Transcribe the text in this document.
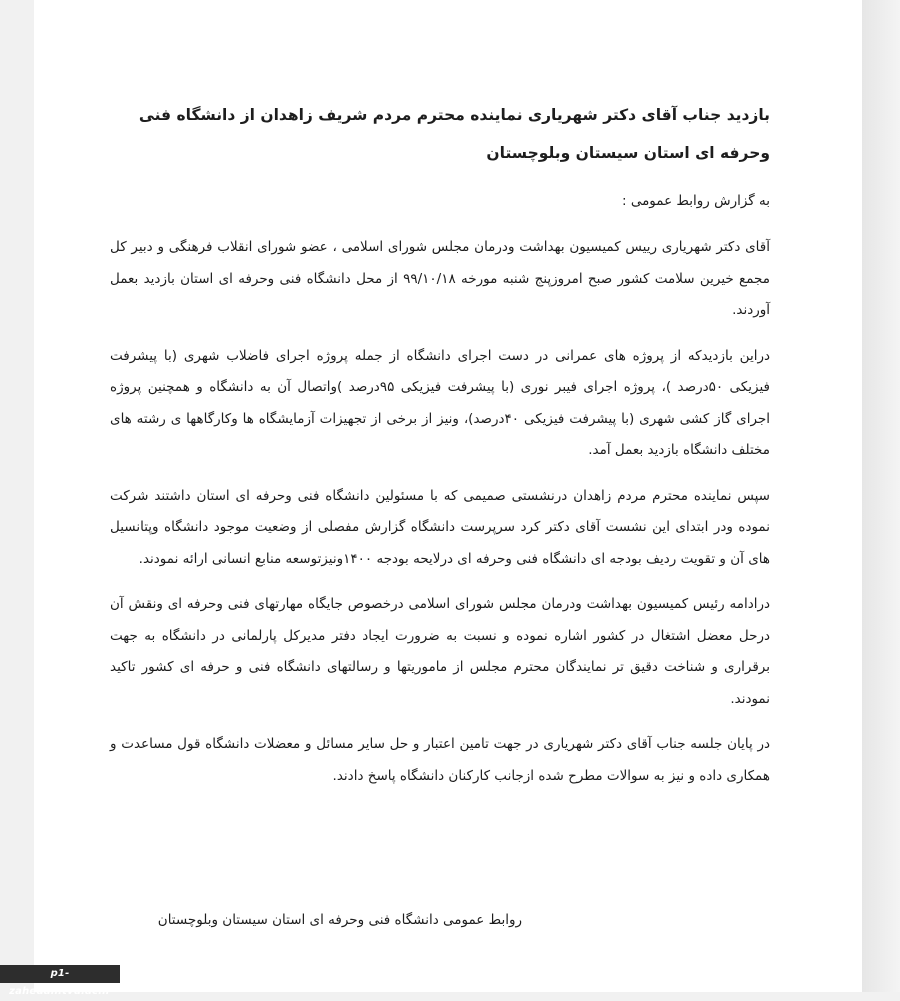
بازدید جناب آقای دکتر شهریاری نماینده محترم مردم شریف زاهدان از دانشگاه فنی وحرفه ای استان سیستان وبلوچستان
به گزارش روابط عمومی :

آقای دکتر شهریاری رییس کمیسیون بهداشت ودرمان مجلس شورای اسلامی ، عضو شورای انقلاب فرهنگی و دبیر کل مجمع خیرین سلامت کشور صبح امروزپنج شنبه مورخه ۹۹/۱۰/۱۸ از محل دانشگاه فنی وحرفه ای استان بازدید بعمل آوردند.

دراین بازدیدکه از پروژه های عمرانی در دست اجرای دانشگاه از جمله پروژه اجرای فاضلاب شهری (با پیشرفت فیزیکی ۵۰درصد )، پروژه اجرای فیبر نوری (با پیشرفت فیزیکی ۹۵درصد )واتصال آن به دانشگاه و همچنین پروژه اجرای گاز کشی شهری (با پیشرفت فیزیکی ۴۰درصد)، ونیز از برخی از تجهیزات آزمایشگاه ها وکارگاهها ی رشته های مختلف دانشگاه بازدید بعمل آمد.

سپس نماینده محترم مردم زاهدان درنشستی صمیمی که با مسئولین دانشگاه فنی وحرفه ای استان داشتند شرکت نموده ودر ابتدای این نشست آقای دکتر کرد سرپرست دانشگاه گزارش مفصلی از وضعیت موجود دانشگاه وپتانسیل های آن و تقویت ردیف بودجه ای دانشگاه فنی وحرفه ای درلایحه بودجه ۱۴۰۰ونیزتوسعه منابع انسانی ارائه نمودند.

درادامه رئیس کمیسیون بهداشت ودرمان مجلس شورای اسلامی درخصوص جایگاه مهارتهای فنی وحرفه ای ونقش آن درحل معضل اشتغال در کشور اشاره نموده و نسبت به ضرورت ایجاد دفتر مدیرکل پارلمانی در دانشگاه به جهت برقراری و شناخت دقیق تر نمایندگان محترم مجلس از ماموریتها و رسالتهای دانشگاه فنی و حرفه ای کشور تاکید نمودند.

در پایان جلسه جناب آقای دکتر شهریاری در جهت تامین اعتبار و حل سایر مسائل و معضلات دانشگاه قول مساعدت و همکاری داده و نیز به سوالات مطرح شده ازجانب کارکنان دانشگاه پاسخ دادند.

روابط عمومی دانشگاه فنی وحرفه ای استان سیستان وبلوچستان
p1-zahedan.tvu.ac.ir
